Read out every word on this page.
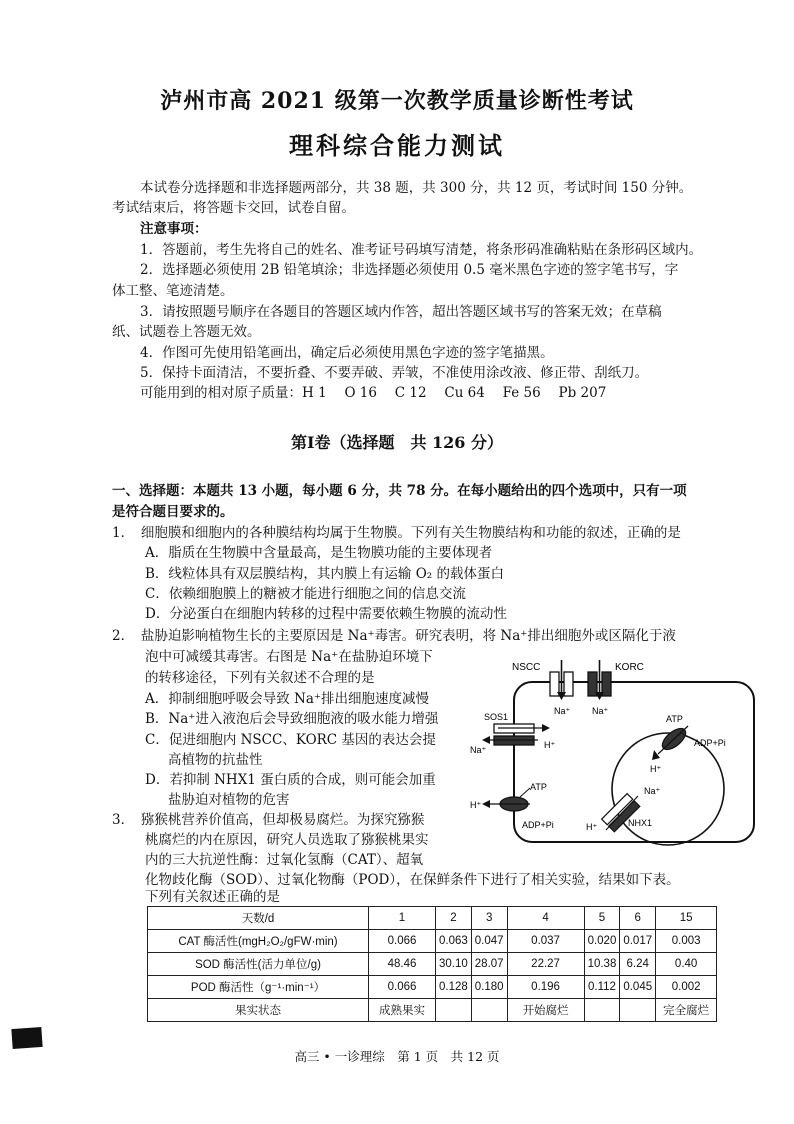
泸州市高 2021 级第一次教学质量诊断性考试
理科综合能力测试
本试卷分选择题和非选择题两部分，共 38 题，共 300 分，共 12 页，考试时间 150 分钟。
考试结束后，将答题卡交回，试卷自留。
注意事项：
1．答题前，考生先将自己的姓名、准考证号码填写清楚，将条形码准确粘贴在条形码区域内。
2．选择题必须使用 2B 铅笔填涂；非选择题必须使用 0.5 毫米黑色字迹的签字笔书写，字
体工整、笔迹清楚。
3．请按照题号顺序在各题目的答题区域内作答，超出答题区域书写的答案无效；在草稿
纸、试题卷上答题无效。
4．作图可先使用铅笔画出，确定后必须使用黑色字迹的签字笔描黑。
5．保持卡面清洁，不要折叠、不要弄破、弄皱，不准使用涂改液、修正带、刮纸刀。
可能用到的相对原子质量：H 1　 O 16　 C 12　 Cu 64　 Fe 56　 Pb 207
第Ⅰ卷（选择题　共 126 分）
一、选择题：本题共 13 小题，每小题 6 分，共 78 分。在每小题给出的四个选项中，只有一项
是符合题目要求的。
1．　细胞膜和细胞内的各种膜结构均属于生物膜。下列有关生物膜结构和功能的叙述，正确的是
A．脂质在生物膜中含量最高，是生物膜功能的主要体现者
B．线粒体具有双层膜结构，其内膜上有运输 O₂ 的载体蛋白
C．依赖细胞膜上的糖被才能进行细胞之间的信息交流
D．分泌蛋白在细胞内转移的过程中需要依赖生物膜的流动性
2．　盐胁迫影响植物生长的主要原因是 Na⁺毒害。研究表明，将 Na⁺排出细胞外或区隔化于液
泡中可减缓其毒害。右图是 Na⁺在盐胁迫环境下
的转移途径，下列有关叙述不合理的是
A．抑制细胞呼吸会导致 Na⁺排出细胞速度减慢
B．Na⁺进入液泡后会导致细胞液的吸水能力增强
C．促进细胞内 NSCC、KORC 基因的表达会提
高植物的抗盐性
D．若抑制 NHX1 蛋白质的合成，则可能会加重
盐胁迫对植物的危害
NSCC
Na⁺
KORC
Na⁺
SOS1
Na⁺	H⁺
ATP
H⁺
ADP+Pi
ATP
ADP+Pi
H⁺
Na⁺
H⁺	NHX1
3．　猕猴桃营养价值高，但却极易腐烂。为探究猕猴
桃腐烂的内在原因，研究人员选取了猕猴桃果实
内的三大抗逆性酶：过氧化氢酶（CAT）、超氧
化物歧化酶（SOD）、过氧化物酶（POD），在保鲜条件下进行了相关实验，结果如下表。
下列有关叙述正确的是
天数/d	1	2	3	4	5	6	15
CAT 酶活性(mgH₂O₂/gFW·min)	0.066	0.063	0.047	0.037	0.020	0.017	0.003
SOD 酶活性(活力单位/g)	48.46	30.10	28.07	22.27	10.38	6.24	0.40
POD 酶活性（g⁻¹·min⁻¹）	0.066	0.128	0.180	0.196	0.112	0.045	0.002
果实状态	成熟果实			开始腐烂			完全腐烂
高三 • 一诊理综　第 1 页　共 12 页
